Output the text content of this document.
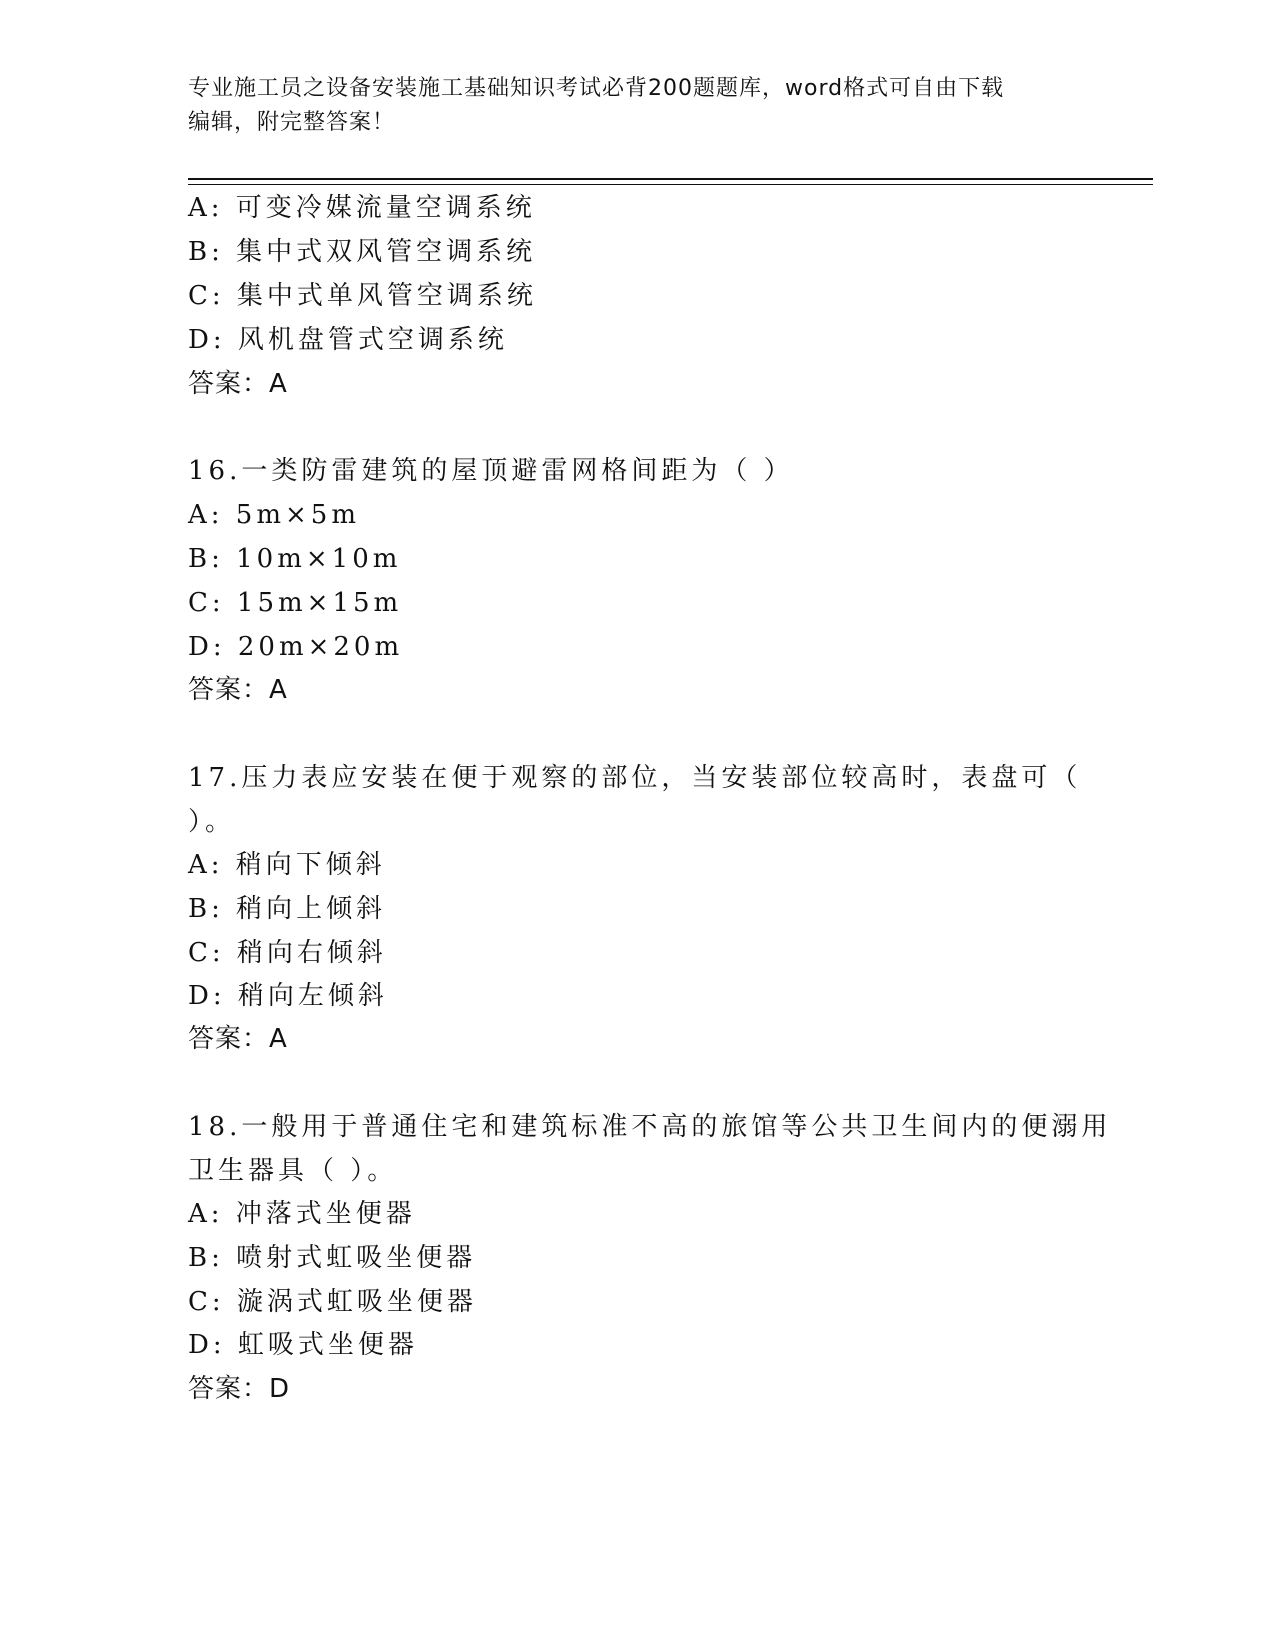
专业施工员之设备安装施工基础知识考试必背200题题库，word格式可自由下载
编辑，附完整答案！
A: 可变冷媒流量空调系统
B: 集中式双风管空调系统
C: 集中式单风管空调系统
D: 风机盘管式空调系统
答案：A
16.一类防雷建筑的屋顶避雷网格间距为（ ）
A: 5m×5m
B: 10m×10m
C: 15m×15m
D: 20m×20m
答案：A
17.压力表应安装在便于观察的部位，当安装部位较高时，表盘可（
）。
A: 稍向下倾斜
B: 稍向上倾斜
C: 稍向右倾斜
D: 稍向左倾斜
答案：A
18.一般用于普通住宅和建筑标准不高的旅馆等公共卫生间内的便溺用
卫生器具（ ）。
A: 冲落式坐便器
B: 喷射式虹吸坐便器
C: 漩涡式虹吸坐便器
D: 虹吸式坐便器
答案：D
